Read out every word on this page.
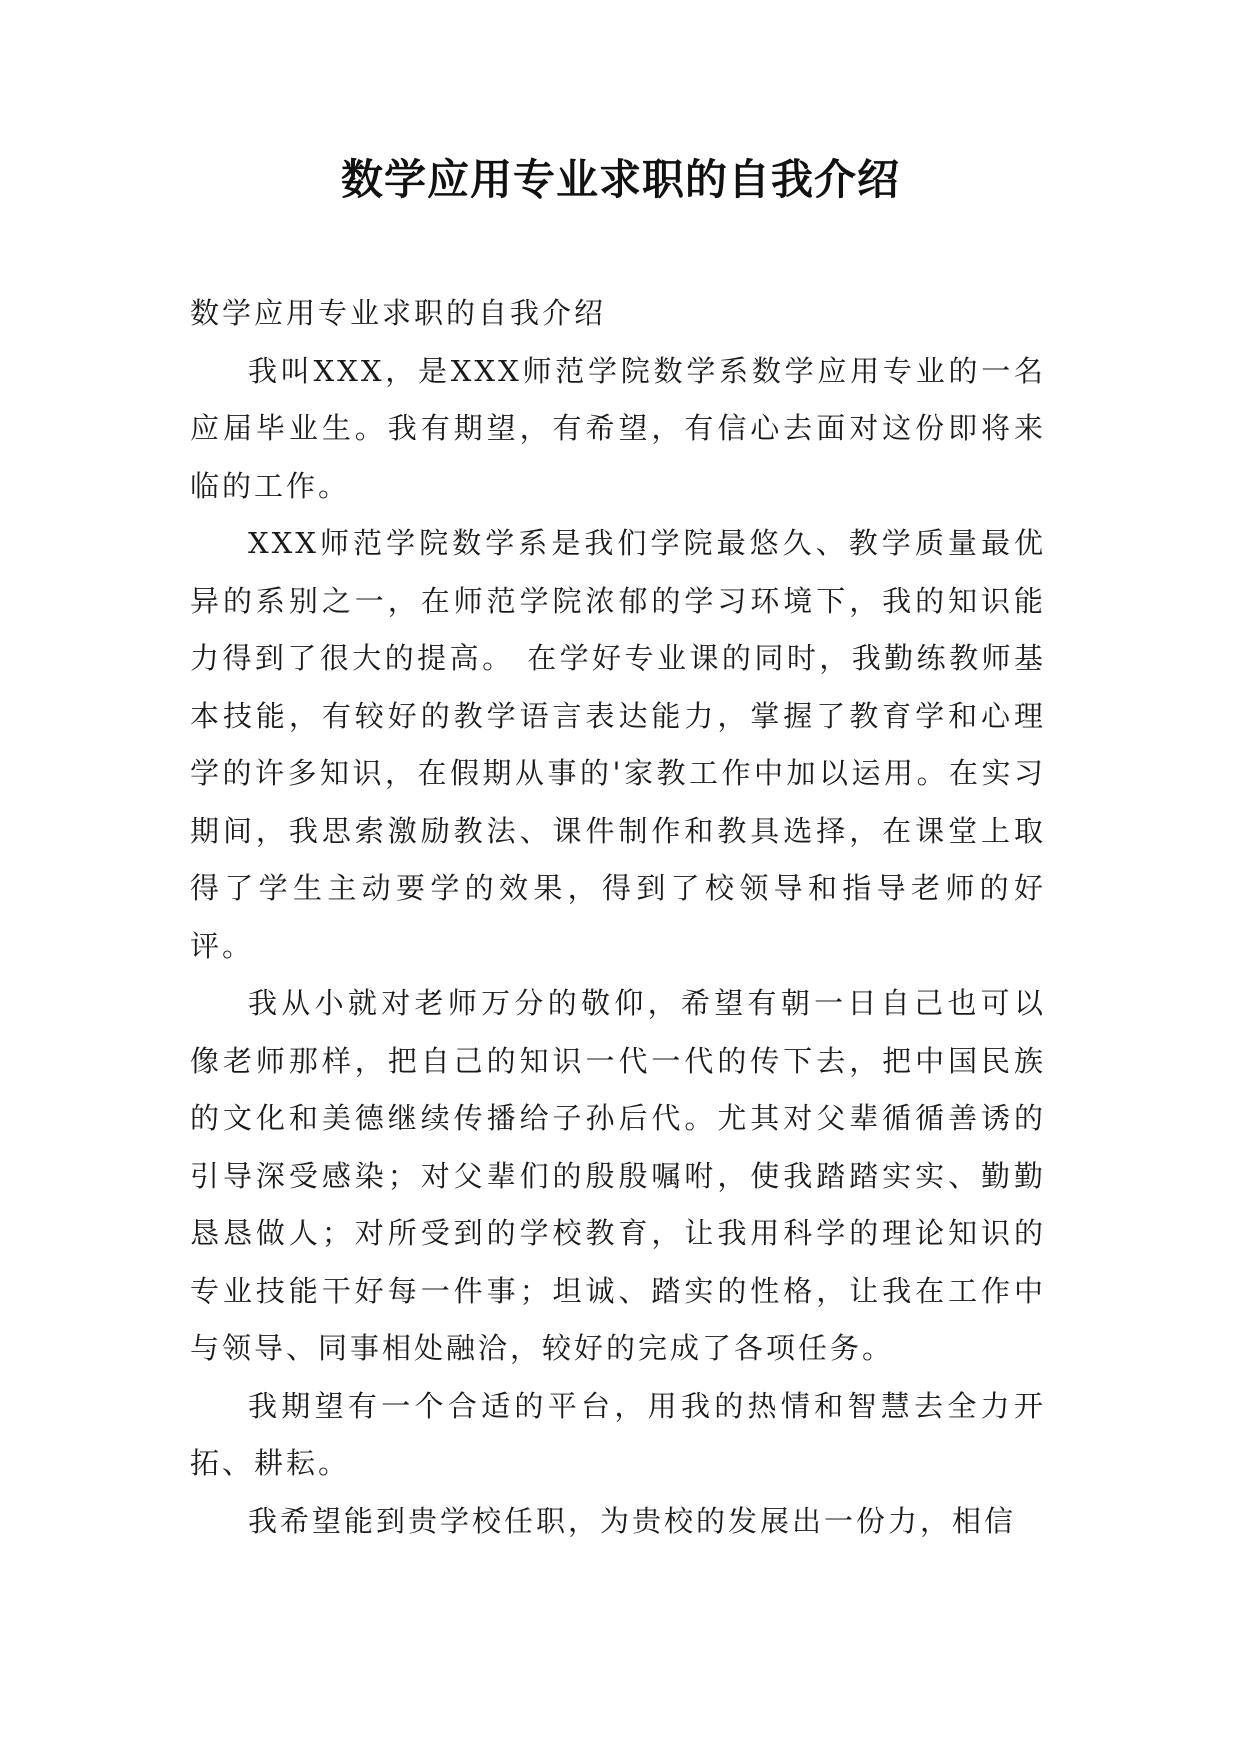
数学应用专业求职的自我介绍

数学应用专业求职的自我介绍

我叫XXX，是XXX师范学院数学系数学应用专业的一名应届毕业生。我有期望，有希望，有信心去面对这份即将来临的工作。

XXX师范学院数学系是我们学院最悠久、教学质量最优异的系别之一，在师范学院浓郁的学习环境下，我的知识能力得到了很大的提高。 在学好专业课的同时，我勤练教师基本技能，有较好的教学语言表达能力，掌握了教育学和心理学的许多知识，在假期从事的'家教工作中加以运用。在实习期间，我思索激励教法、课件制作和教具选择，在课堂上取得了学生主动要学的效果，得到了校领导和指导老师的好评。

我从小就对老师万分的敬仰，希望有朝一日自己也可以像老师那样，把自己的知识一代一代的传下去，把中国民族的文化和美德继续传播给子孙后代。尤其对父辈循循善诱的引导深受感染；对父辈们的殷殷嘱咐，使我踏踏实实、勤勤恳恳做人；对所受到的学校教育，让我用科学的理论知识的专业技能干好每一件事；坦诚、踏实的性格，让我在工作中与领导、同事相处融洽，较好的完成了各项任务。

我期望有一个合适的平台，用我的热情和智慧去全力开拓、耕耘。

我希望能到贵学校任职，为贵校的发展出一份力，相信
